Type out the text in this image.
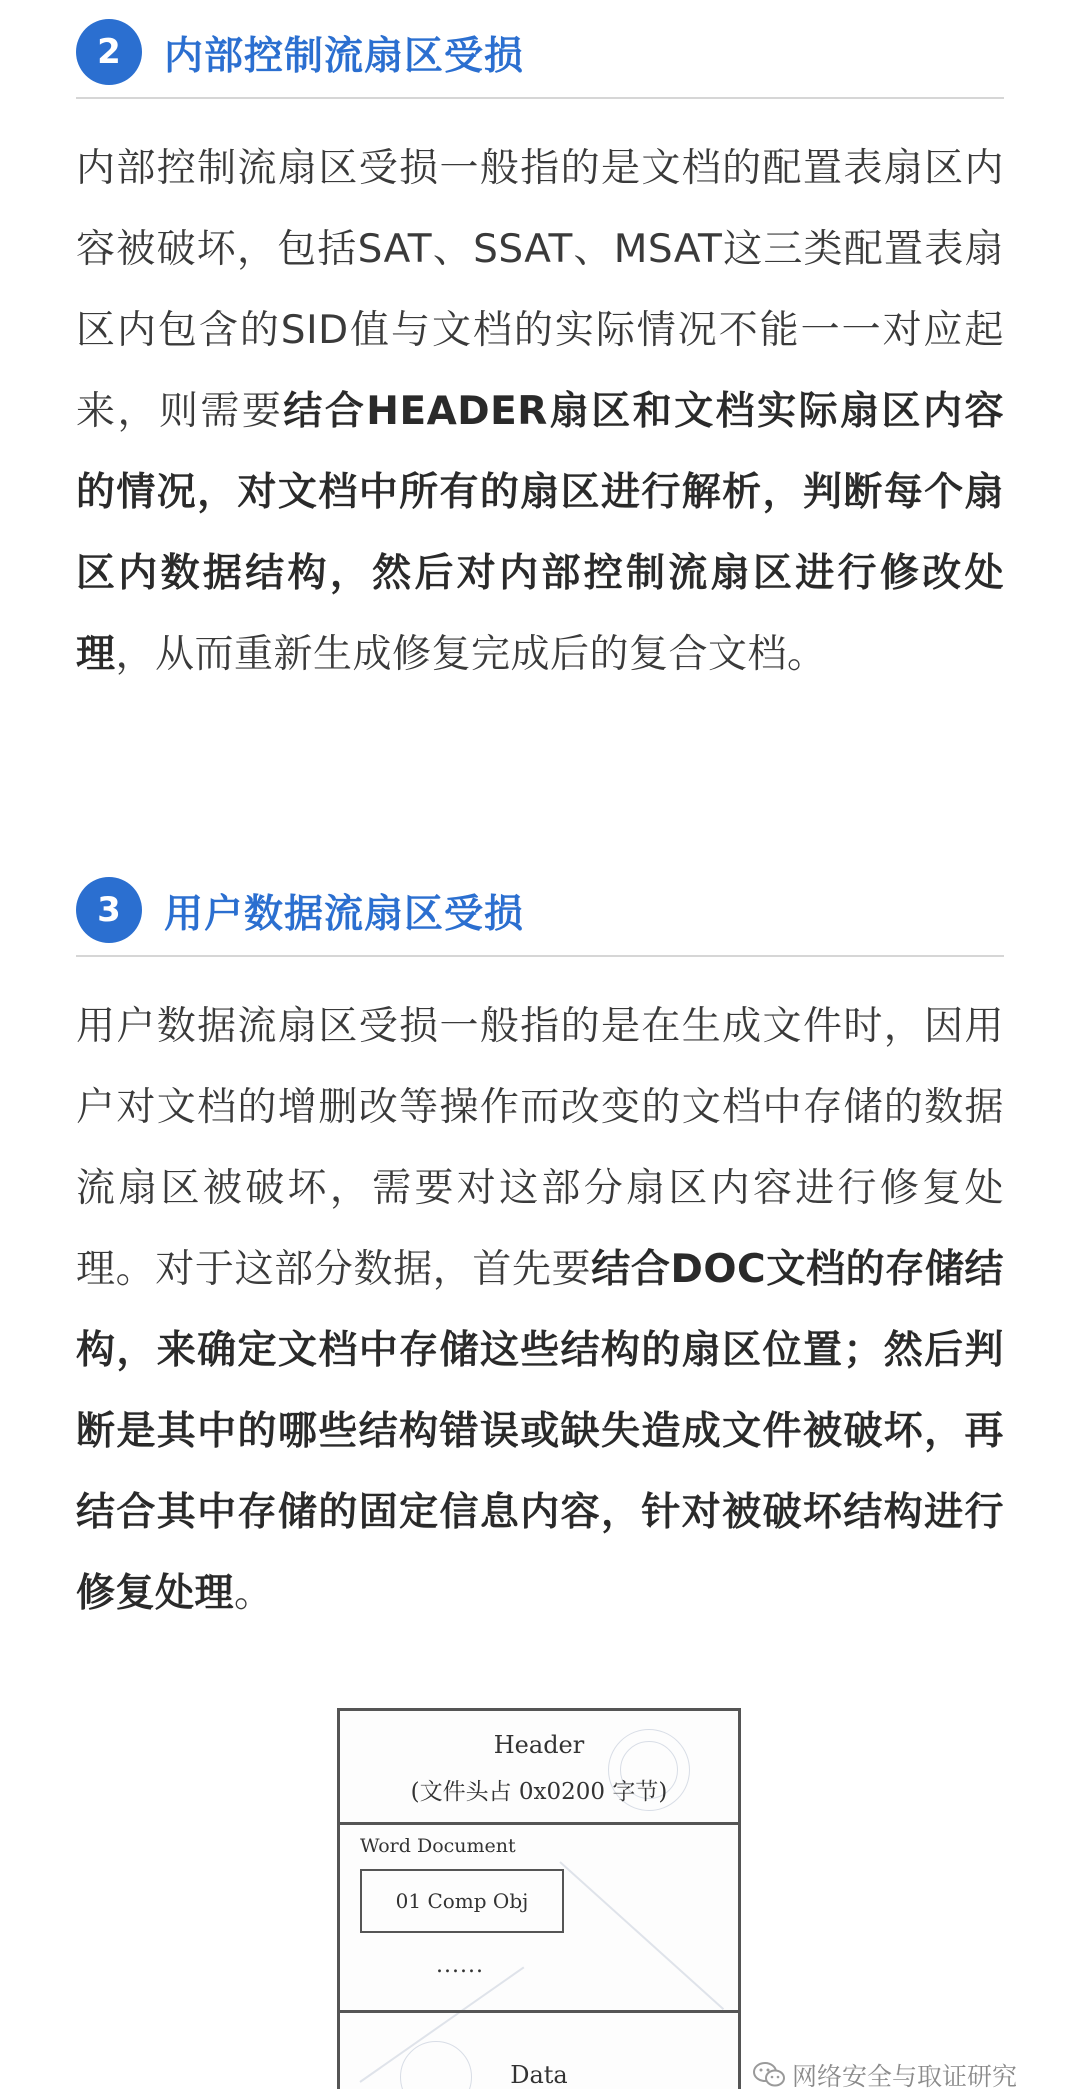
2	内部控制流扇区受损

内部控制流扇区受损一般指的是文档的配置表扇区内容被破坏，包括SAT、SSAT、MSAT这三类配置表扇区内包含的SID值与文档的实际情况不能一一对应起来，则需要结合HEADER扇区和文档实际扇区内容的情况，对文档中所有的扇区进行解析，判断每个扇区内数据结构，然后对内部控制流扇区进行修改处理，从而重新生成修复完成后的复合文档。

3	用户数据流扇区受损

用户数据流扇区受损一般指的是在生成文件时，因用户对文档的增删改等操作而改变的文档中存储的数据流扇区被破坏，需要对这部分扇区内容进行修复处理。对于这部分数据，首先要结合DOC文档的存储结构，来确定文档中存储这些结构的扇区位置；然后判断是其中的哪些结构错误或缺失造成文件被破坏，再结合其中存储的固定信息内容，针对被破坏结构进行修复处理。

Header
(文件头占 0x0200 字节)
Word Document
01 Comp Obj
......
Data	网络安全与取证研究
